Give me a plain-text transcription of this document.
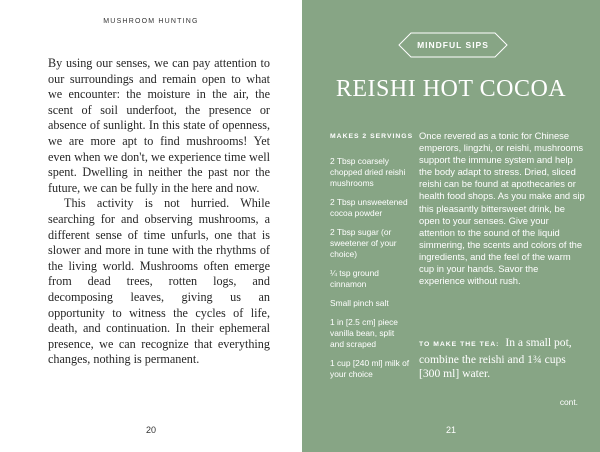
MUSHROOM HUNTING

By using our senses, we can pay attention to our surroundings and remain open to what we encounter: the moisture in the air, the scent of soil underfoot, the presence or absence of sunlight. In this state of openness, we are more apt to find mushrooms! Yet even when we don't, we experience time well spent. Dwelling in neither the past nor the future, we can be fully in the here and now.

This activity is not hurried. While searching for and observing mushrooms, a different sense of time unfurls, one that is slower and more in tune with the rhythms of the living world. Mushrooms often emerge from dead trees, rotten logs, and decomposing leaves, giving us an opportunity to witness the cycles of life, death, and continuation. In their ephemeral presence, we can recognize that everything changes, nothing is permanent.

20
MINDFUL SIPS
REISHI HOT COCOA
MAKES 2 SERVINGS
2 Tbsp coarsely chopped dried reishi mushrooms
2 Tbsp unsweetened cocoa powder
2 Tbsp sugar (or sweetener of your choice)
¼ tsp ground cinnamon
Small pinch salt
1 in [2.5 cm] piece vanilla bean, split and scraped
1 cup [240 ml] milk of your choice

Once revered as a tonic for Chinese emperors, lingzhi, or reishi, mushrooms support the immune system and help the body adapt to stress. Dried, sliced reishi can be found at apothecaries or health food shops. As you make and sip this pleasantly bittersweet drink, be open to your senses. Give your attention to the sound of the liquid simmering, the scents and colors of the ingredients, and the feel of the warm cup in your hands. Savor the experience without rush.

TO MAKE THE TEA: In a small pot, combine the reishi and 1¾ cups [300 ml] water.

cont.
21
